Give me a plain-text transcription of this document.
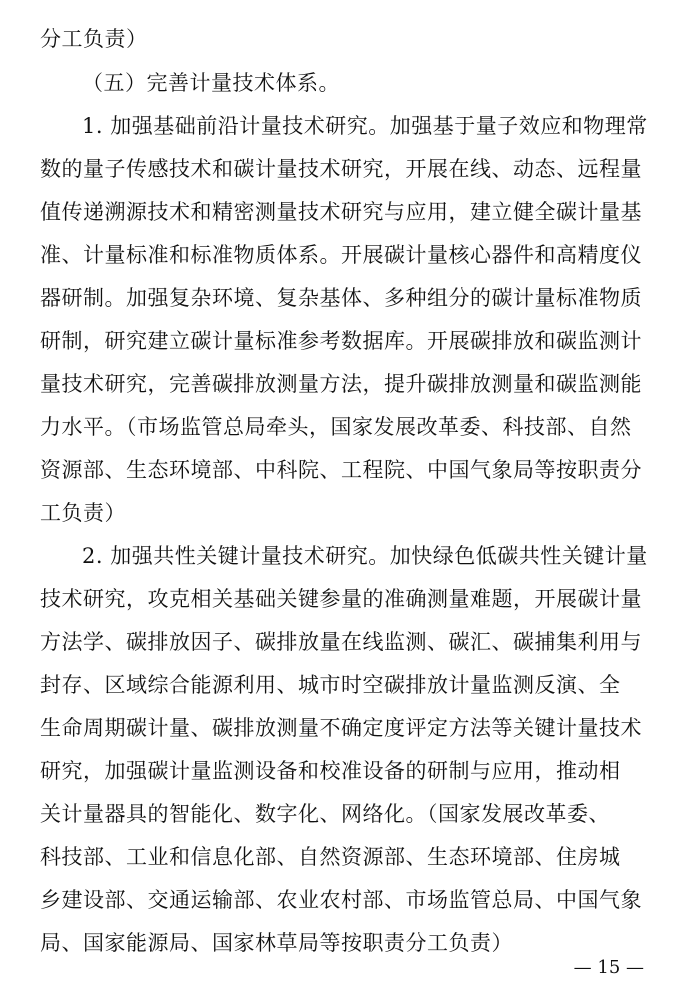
分工负责）
（五）完善计量技术体系。
1. 加强基础前沿计量技术研究。加强基于量子效应和物理常
数的量子传感技术和碳计量技术研究，开展在线、动态、远程量
值传递溯源技术和精密测量技术研究与应用，建立健全碳计量基
准、计量标准和标准物质体系。开展碳计量核心器件和高精度仪
器研制。加强复杂环境、复杂基体、多种组分的碳计量标准物质
研制，研究建立碳计量标准参考数据库。开展碳排放和碳监测计
量技术研究，完善碳排放测量方法，提升碳排放测量和碳监测能
力水平。（市场监管总局牵头，国家发展改革委、科技部、自然
资源部、生态环境部、中科院、工程院、中国气象局等按职责分
工负责）
2. 加强共性关键计量技术研究。加快绿色低碳共性关键计量
技术研究，攻克相关基础关键参量的准确测量难题，开展碳计量
方法学、碳排放因子、碳排放量在线监测、碳汇、碳捕集利用与
封存、区域综合能源利用、城市时空碳排放计量监测反演、全
生命周期碳计量、碳排放测量不确定度评定方法等关键计量技术
研究，加强碳计量监测设备和校准设备的研制与应用，推动相
关计量器具的智能化、数字化、网络化。（国家发展改革委、
科技部、工业和信息化部、自然资源部、生态环境部、住房城
乡建设部、交通运输部、农业农村部、市场监管总局、中国气象
局、国家能源局、国家林草局等按职责分工负责）
— 15 —
